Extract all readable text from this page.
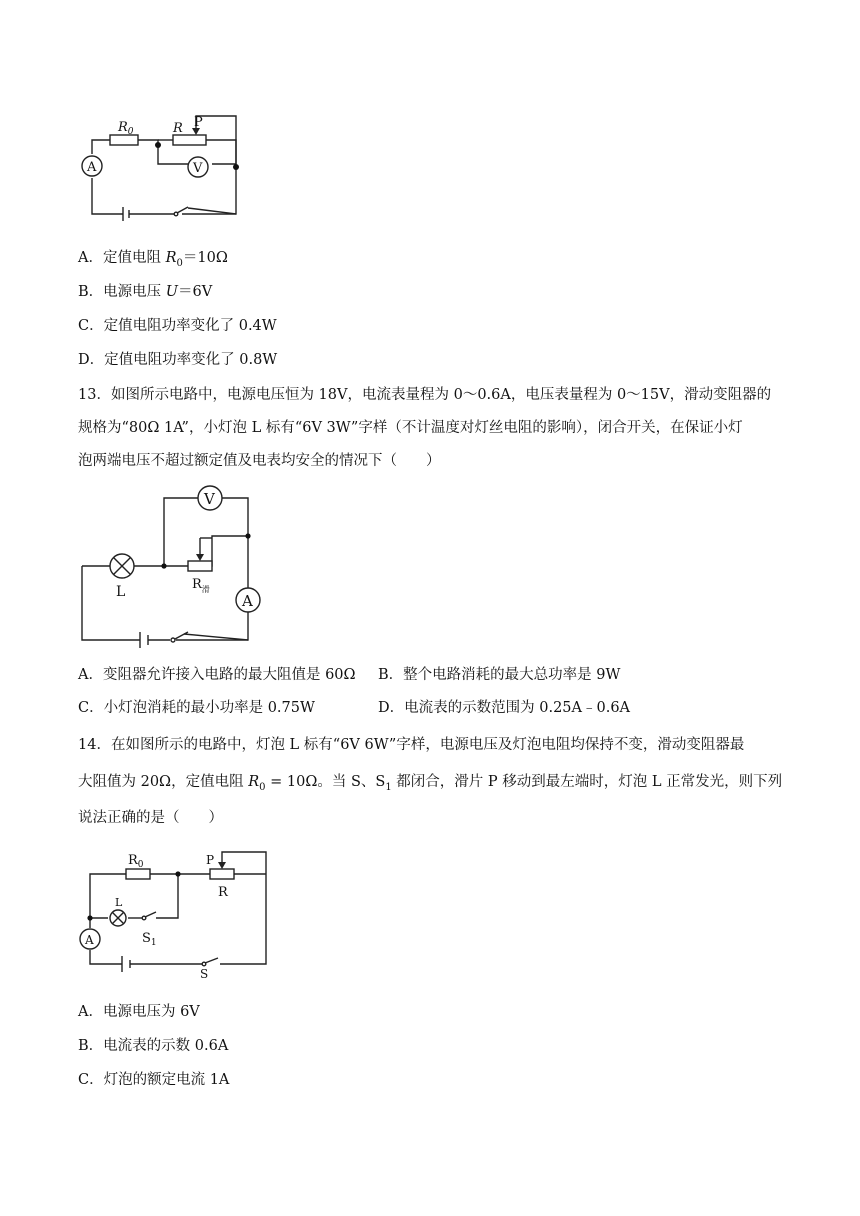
A	V
$R_0$	R P
A．定值电阻 $R_0=10\Omega$
B．电源电压 U＝6V
C．定值电阻功率变化了 0.4W
D．定值电阻功率变化了 0.8W
13．如图所示电路中，电源电压恒为 18V，电流表量程为 0～0.6A，电压表量程为 0～15V，滑动变阻器的
规格为“80Ω 1A”，小灯泡 L 标有“6V 3W”字样（不计温度对灯丝电阻的影响），闭合开关，在保证小灯
泡两端电压不超过额定值及电表均安全的情况下（　　）
V
L	$R_滑$
A
A．变阻器允许接入电路的最大阻值是 60Ω B．整个电路消耗的最大总功率是 9W
C．小灯泡消耗的最小功率是 0.75W	D．电流表的示数范围为 0.25A﹣0.6A
14．在如图所示的电路中，灯泡 L 标有“6V 6W”字样，电源电压及灯泡电阻均保持不变，滑动变阻器最
大阻值为 20Ω，定值电阻 $R_0 = 10\Omega$。当 S、$S_1$ 都闭合，滑片 P 移动到最左端时，灯泡 L 正常发光，则下列
说法正确的是（　　）
$R_0$	P
R
L
$S_1$
A
S
A．电源电压为 6V
B．电流表的示数 0.6A
C．灯泡的额定电流 1A
